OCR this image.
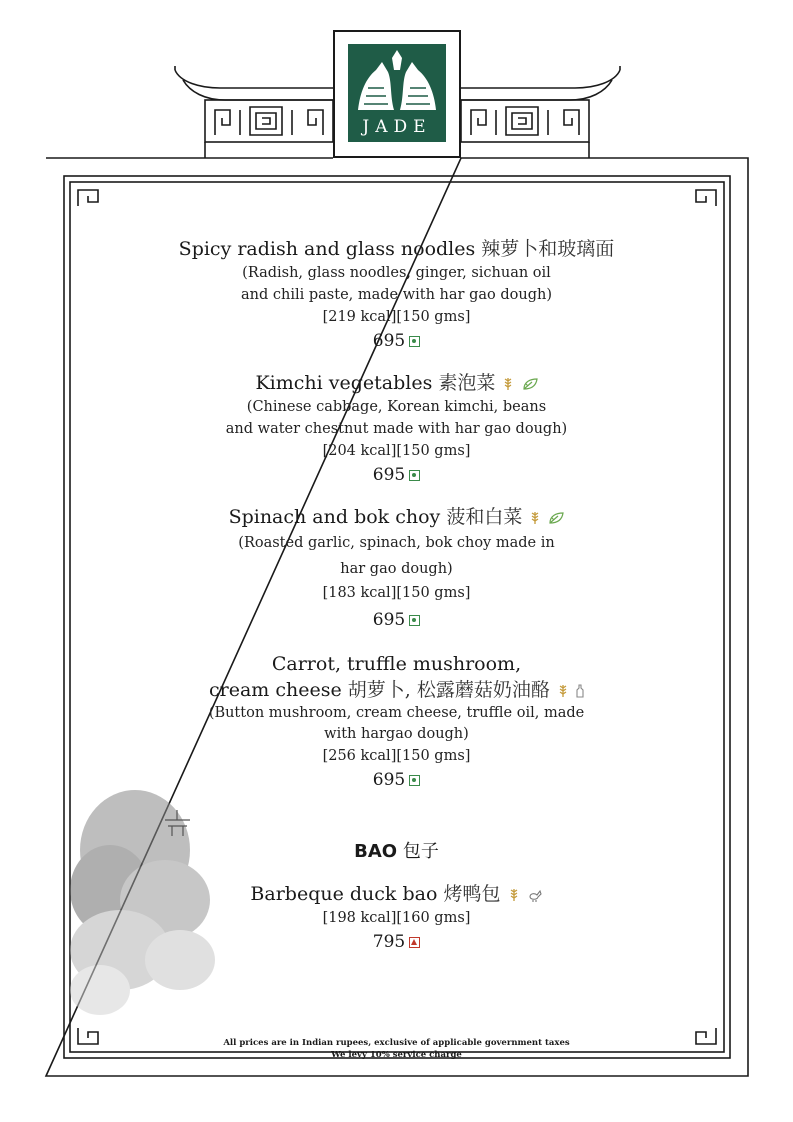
JADE
Spicy radish and glass noodles 辣萝卜和玻璃面
(Radish, glass noodles, ginger, sichuan oil
and chili paste, made with har gao dough)
[219 kcal][150 gms]
695
Kimchi vegetables 素泡菜
(Chinese cabbage, Korean kimchi, beans
and water chestnut made with har gao dough)
[204 kcal][150 gms]
695
Spinach and bok choy 菠和白菜
(Roasted garlic, spinach, bok choy made in
har gao dough)
[183 kcal][150 gms]
695
Carrot, truffle mushroom,
cream cheese 胡萝卜, 松露蘑菇奶油酪
(Button mushroom, cream cheese, truffle oil, made
with hargao dough)
[256 kcal][150 gms]
695
BAO 包子
Barbeque duck bao 烤鸭包
[198 kcal][160 gms]
795
All prices are in Indian rupees, exclusive of applicable government taxes
We levy 10% service charge
